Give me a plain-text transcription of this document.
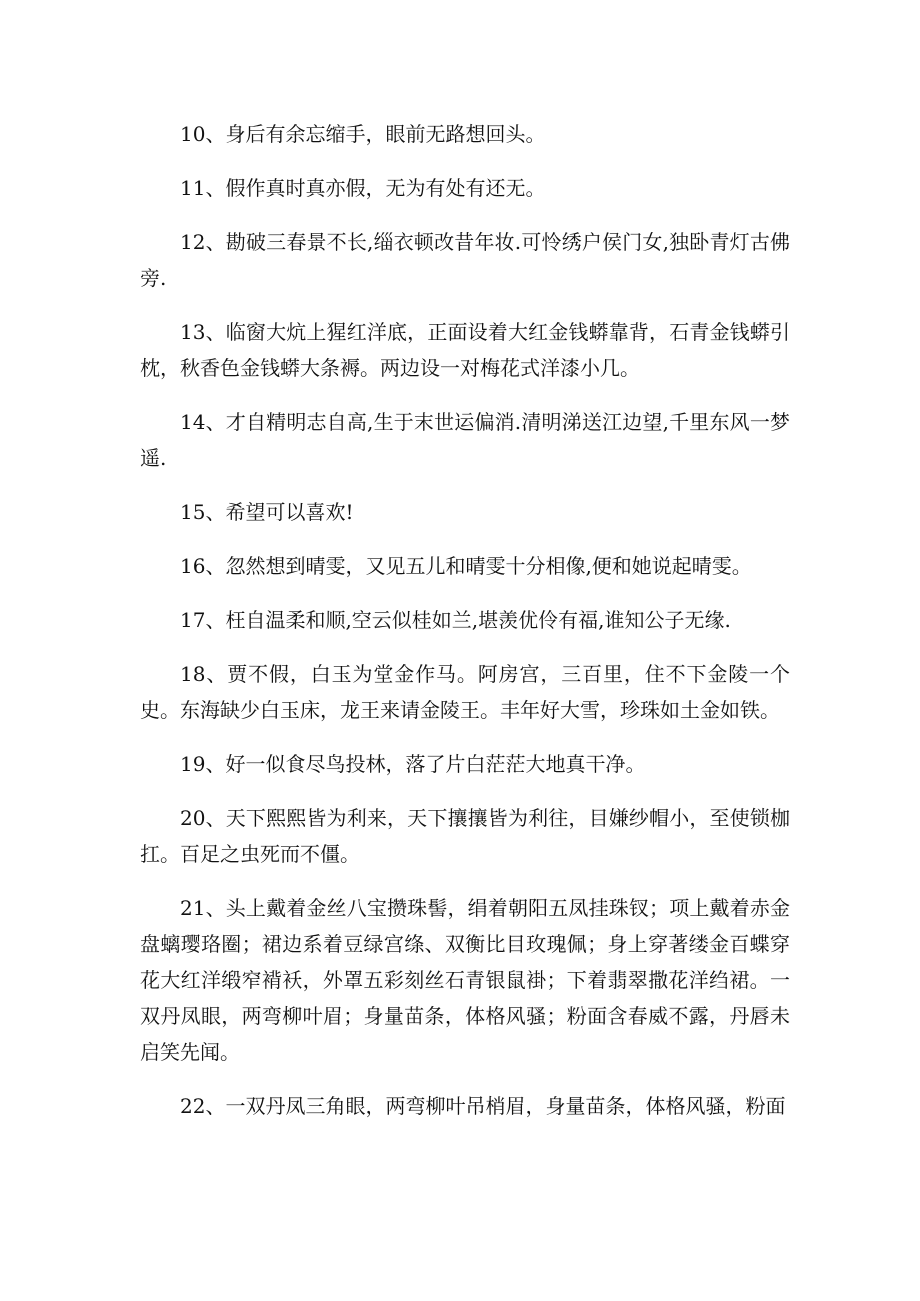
10、身后有余忘缩手，眼前无路想回头。

11、假作真时真亦假，无为有处有还无。

12、勘破三春景不长,缁衣顿改昔年妆.可怜绣户侯门女,独卧青灯古佛旁.

13、临窗大炕上猩红洋底，正面设着大红金钱蟒靠背，石青金钱蟒引枕，秋香色金钱蟒大条褥。两边设一对梅花式洋漆小几。

14、才自精明志自高,生于末世运偏消.清明涕送江边望,千里东风一梦遥.

15、希望可以喜欢!

16、忽然想到晴雯，又见五儿和晴雯十分相像,便和她说起晴雯。

17、枉自温柔和顺,空云似桂如兰,堪羡优伶有福,谁知公子无缘.

18、贾不假，白玉为堂金作马。阿房宫，三百里，住不下金陵一个史。东海缺少白玉床，龙王来请金陵王。丰年好大雪，珍珠如土金如铁。

19、好一似食尽鸟投林，落了片白茫茫大地真干净。

20、天下熙熙皆为利来，天下攘攘皆为利往，目嫌纱帽小，至使锁枷扛。百足之虫死而不僵。

21、头上戴着金丝八宝攒珠髻，绢着朝阳五凤挂珠钗；项上戴着赤金盘螭璎珞圈；裙边系着豆绿宫绦、双衡比目玫瑰佩；身上穿著缕金百蝶穿花大红洋缎窄褙袄，外罩五彩刻丝石青银鼠褂；下着翡翠撒花洋绉裙。一双丹凤眼，两弯柳叶眉；身量苗条，体格风骚；粉面含春威不露，丹唇未启笑先闻。

22、一双丹凤三角眼，两弯柳叶吊梢眉，身量苗条，体格风骚，粉面
